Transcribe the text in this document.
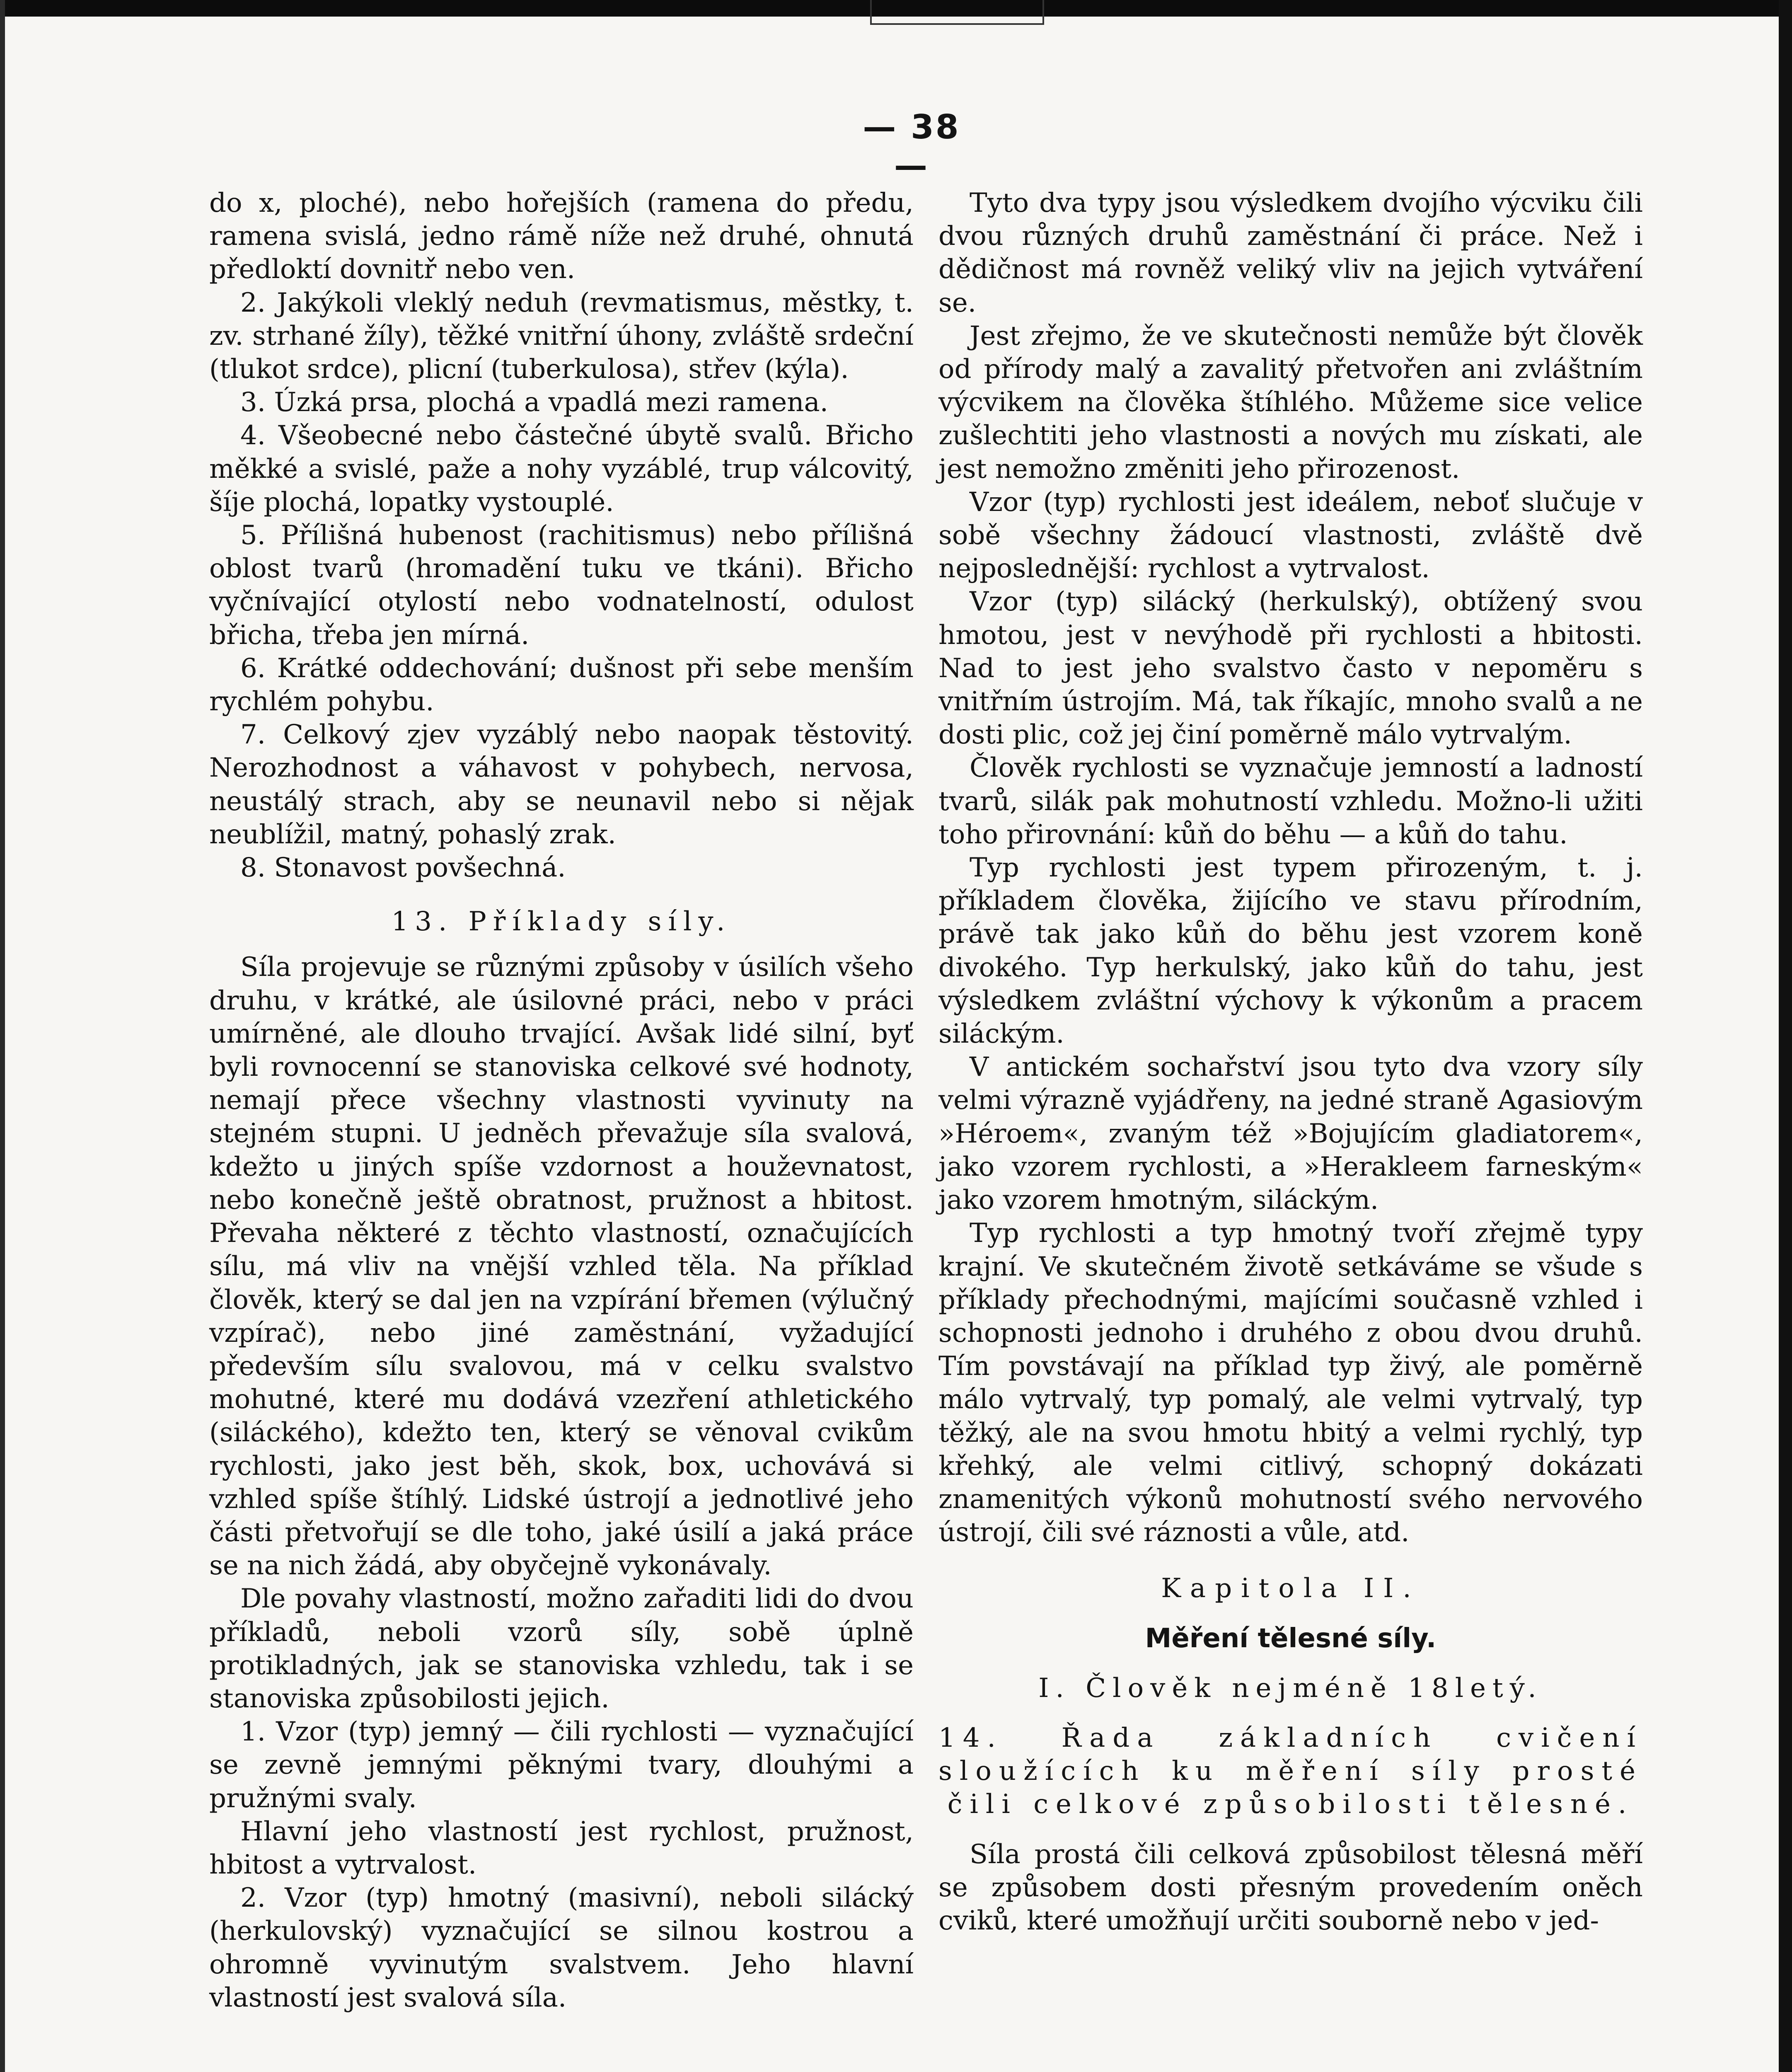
— 38 —

do x, ploché), nebo hořejších (ramena do předu, ramena svislá, jedno rámě níže než druhé, ohnutá předloktí dovnitř nebo ven.

2. Jakýkoli vleklý neduh (revmatismus, městky, t. zv. strhané žíly), těžké vnitřní úhony, zvláště srdeční (tlukot srdce), plicní (tuberkulosa), střev (kýla).

3. Úzká prsa, plochá a vpadlá mezi ramena.

4. Všeobecné nebo částečné úbytě svalů. Břicho měkké a svislé, paže a nohy vyzáblé, trup válcovitý, šíje plochá, lopatky vystouplé.

5. Přílišná hubenost (rachitismus) nebo přílišná oblost tvarů (hromadění tuku ve tkáni). Břicho vyčnívající otylostí nebo vodnatelností, odulost břicha, třeba jen mírná.

6. Krátké oddechování; dušnost při sebe menším rychlém pohybu.

7. Celkový zjev vyzáblý nebo naopak těstovitý. Nerozhodnost a váhavost v pohybech, nervosa, neustálý strach, aby se neunavil nebo si nějak neublížil, matný, pohaslý zrak.

8. Stonavost povšechná.

13. Příklady síly.

Síla projevuje se různými způsoby v úsilích všeho druhu, v krátké, ale úsilovné práci, nebo v práci umírněné, ale dlouho trvající. Avšak lidé silní, byť byli rovnocenní se stanoviska celkové své hodnoty, nemají přece všechny vlastnosti vyvinuty na stejném stupni. U jedněch převažuje síla svalová, kdežto u jiných spíše vzdornost a houževnatost, nebo konečně ještě obratnost, pružnost a hbitost. Převaha některé z těchto vlastností, označujících sílu, má vliv na vnější vzhled těla. Na příklad člověk, který se dal jen na vzpírání břemen (výlučný vzpírač), nebo jiné zaměstnání, vyžadující především sílu svalovou, má v celku svalstvo mohutné, které mu dodává vzezření athletického (siláckého), kdežto ten, který se věnoval cvikům rychlosti, jako jest běh, skok, box, uchovává si vzhled spíše štíhlý. Lidské ústrojí a jednotlivé jeho části přetvořují se dle toho, jaké úsilí a jaká práce se na nich žádá, aby obyčejně vykonávaly.

Dle povahy vlastností, možno zařaditi lidi do dvou příkladů, neboli vzorů síly, sobě úplně protikladných, jak se stanoviska vzhledu, tak i se stanoviska způsobilosti jejich.

1. Vzor (typ) jemný — čili rychlosti — vyznačující se zevně jemnými pěknými tvary, dlouhými a pružnými svaly.

Hlavní jeho vlastností jest rychlost, pružnost, hbitost a vytrvalost.

2. Vzor (typ) hmotný (masivní), neboli silácký (herkulovský) vyznačující se silnou kostrou a ohromně vyvinutým svalstvem. Jeho hlavní vlastností jest svalová síla.

Tyto dva typy jsou výsledkem dvojího výcviku čili dvou různých druhů zaměstnání či práce. Než i dědičnost má rovněž veliký vliv na jejich vytváření se.

Jest zřejmo, že ve skutečnosti nemůže být člověk od přírody malý a zavalitý přetvořen ani zvláštním výcvikem na člověka štíhlého. Můžeme sice velice zušlechtiti jeho vlastnosti a nových mu získati, ale jest nemožno změniti jeho přirozenost.

Vzor (typ) rychlosti jest ideálem, neboť slučuje v sobě všechny žádoucí vlastnosti, zvláště dvě nejposlednější: rychlost a vytrvalost.

Vzor (typ) silácký (herkulský), obtížený svou hmotou, jest v nevýhodě při rychlosti a hbitosti. Nad to jest jeho svalstvo často v nepoměru s vnitřním ústrojím. Má, tak říkajíc, mnoho svalů a ne dosti plic, což jej činí poměrně málo vytrvalým.

Člověk rychlosti se vyznačuje jemností a ladností tvarů, silák pak mohutností vzhledu. Možno-li užiti toho přirovnání: kůň do běhu — a kůň do tahu.

Typ rychlosti jest typem přirozeným, t. j. příkladem člověka, žijícího ve stavu přírodním, právě tak jako kůň do běhu jest vzorem koně divokého. Typ herkulský, jako kůň do tahu, jest výsledkem zvláštní výchovy k výkonům a pracem siláckým.

V antickém sochařství jsou tyto dva vzory síly velmi výrazně vyjádřeny, na jedné straně Agasiovým »Héroem«, zvaným též »Bojujícím gladiatorem«, jako vzorem rychlosti, a »Herakleem farneským« jako vzorem hmotným, siláckým.

Typ rychlosti a typ hmotný tvoří zřejmě typy krajní. Ve skutečném životě setkáváme se všude s příklady přechodnými, majícími současně vzhled i schopnosti jednoho i druhého z obou dvou druhů. Tím povstávají na příklad typ živý, ale poměrně málo vytrvalý, typ pomalý, ale velmi vytrvalý, typ těžký, ale na svou hmotu hbitý a velmi rychlý, typ křehký, ale velmi citlivý, schopný dokázati znamenitých výkonů mohutností svého nervového ústrojí, čili své ráznosti a vůle, atd.

Kapitola II.

Měření tělesné síly.

I. Člověk nejméně 18letý.

14. Řada základních cvičení sloužících ku měření síly prosté čili celkové způsobilosti tělesné.

Síla prostá čili celková způsobilost tělesná měří se způsobem dosti přesným provedením oněch cviků, které umožňují určiti souborně nebo v jed-
